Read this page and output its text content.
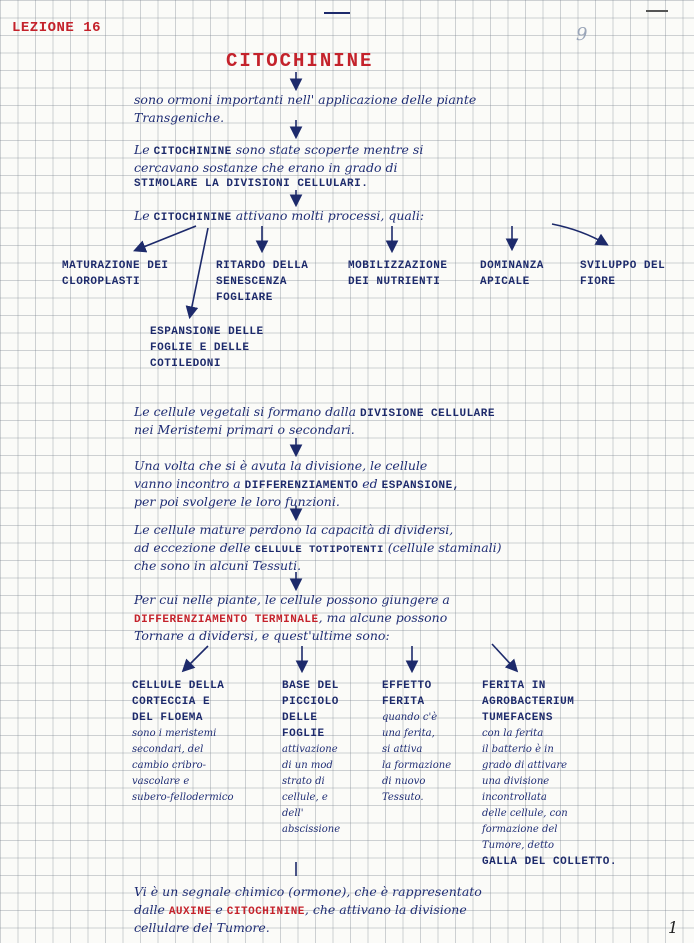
LEZIONE 16	9
CITOCHININE
sono ormoni importanti nell' applicazione delle piante
Transgeniche.
Le CITOCHININE sono state scoperte mentre si
cercavano sostanze che erano in grado di
STIMOLARE LA DIVISIONI CELLULARI.
Le CITOCHININE attivano molti processi, quali:
MATURAZIONE DEI
CLOROPLASTI
RITARDO DELLA
SENESCENZA
FOGLIARE
MOBILIZZAZIONE
DEI NUTRIENTI
DOMINANZA
APICALE
SVILUPPO DEL
FIORE
ESPANSIONE DELLE
FOGLIE E DELLE
COTILEDONI
Le cellule vegetali si formano dalla DIVISIONE CELLULARE
nei Meristemi primari o secondari.
Una volta che si è avuta la divisione, le cellule
vanno incontro a DIFFERENZIAMENTO ed ESPANSIONE,
per poi svolgere le loro funzioni.
Le cellule mature perdono la capacità di dividersi,
ad eccezione delle CELLULE TOTIPOTENTI (cellule staminali)
che sono in alcuni Tessuti.
Per cui nelle piante, le cellule possono giungere a
DIFFERENZIAMENTO TERMINALE, ma alcune possono
Tornare a dividersi, e quest'ultime sono:
CELLULE DELLA
CORTECCIA E
DEL FLOEMA
sono i meristemi
secondari, del
cambio cribro-
vascolare e
subero-fellodermico
BASE DEL
PICCIOLO
DELLE
FOGLIE
attivazione
di un mod
strato di
cellule, e
dell'
abscissione
EFFETTO
FERITA
quando c'è
una ferita,
si attiva
la formazione
di nuovo
Tessuto.
FERITA IN
AGROBACTERIUM
TUMEFACENS
con la ferita
il batterio è in
grado di attivare
una divisione
incontrollata
delle cellule, con
formazione del
Tumore, detto
GALLA DEL COLLETTO.
Vi è un segnale chimico (ormone), che è rappresentato
dalle AUXINE e CITOCHININE, che attivano la divisione
cellulare del Tumore.	1
